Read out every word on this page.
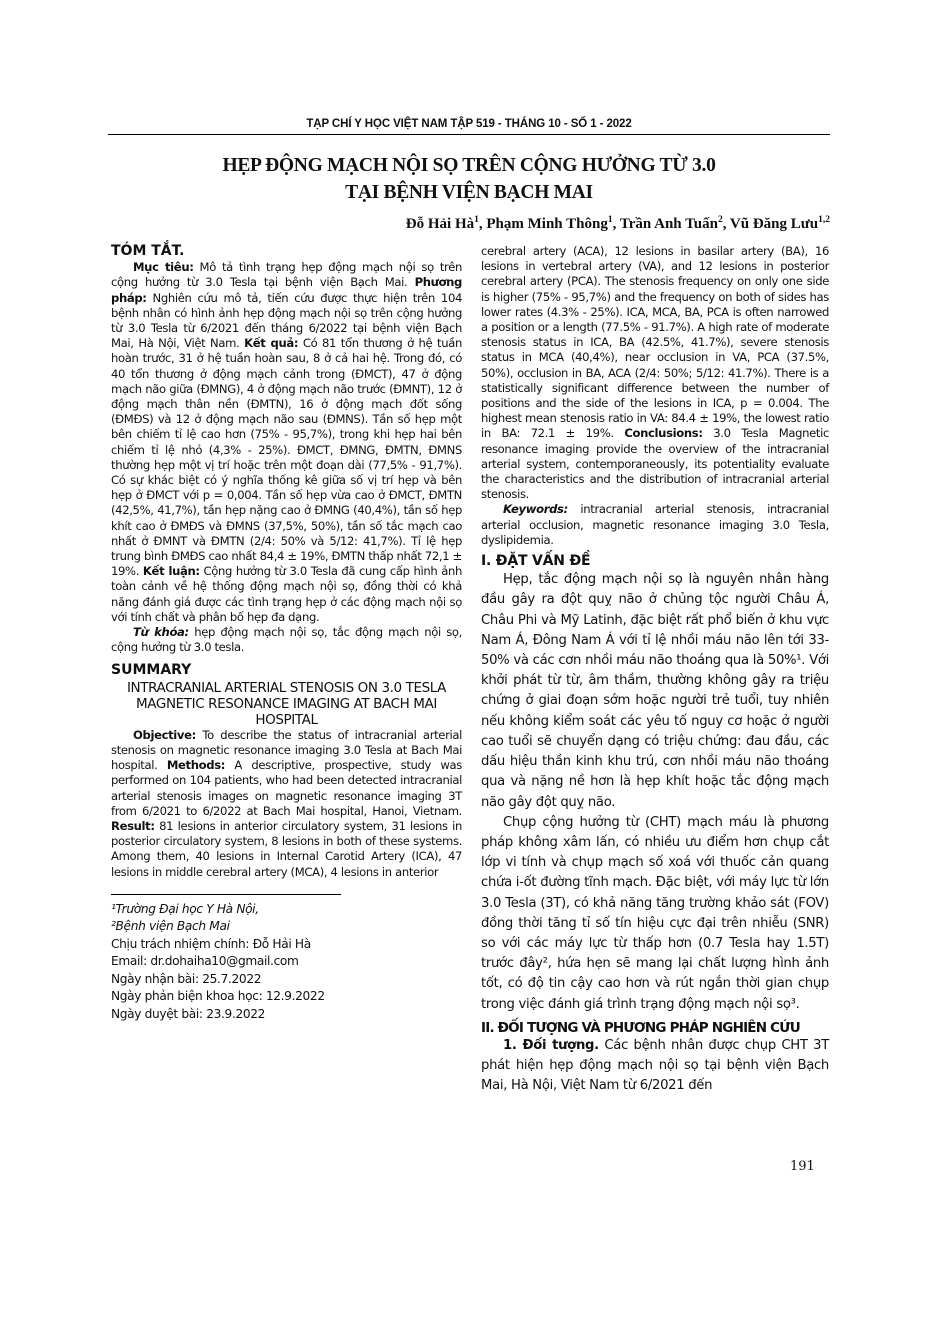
TẠP CHÍ Y HỌC VIỆT NAM TẬP 519 - THÁNG 10 - SỐ 1 - 2022
HẸP ĐỘNG MẠCH NỘI SỌ TRÊN CỘNG HƯỞNG TỪ 3.0
TẠI BỆNH VIỆN BẠCH MAI
Đỗ Hải $Hà^1$, Phạm Minh Thông$^1$, Trần Anh Tuấn$^2$, Vũ Đăng Lưu$^{1,2}$
TÓM TẮT.

Mục tiêu: Mô tả tình trạng hẹp động mạch nội sọ trên cộng hưởng từ 3.0 Tesla tại bệnh viện Bạch Mai. Phương pháp: Nghiên cứu mô tả, tiến cứu được thực hiện trên 104 bệnh nhân có hình ảnh hẹp động mạch nội sọ trên cộng hưởng từ 3.0 Tesla từ 6/2021 đến tháng 6/2022 tại bệnh viện Bạch Mai, Hà Nội, Việt Nam. Kết quả: Có 81 tổn thương ở hệ tuần hoàn trước, 31 ở hệ tuần hoàn sau, 8 ở cả hai hệ. Trong đó, có 40 tổn thương ở động mạch cảnh trong (ĐMCT), 47 ở động mạch não giữa (ĐMNG), 4 ở động mạch não trước (ĐMNT), 12 ở động mạch thân nền (ĐMTN), 16 ở động mạch đốt sống (ĐMĐS) và 12 ở động mạch não sau (ĐMNS). Tần số hẹp một bên chiếm tỉ lệ cao hơn (75% - 95,7%), trong khi hẹp hai bên chiếm tỉ lệ nhỏ (4,3% - 25%). ĐMCT, ĐMNG, ĐMTN, ĐMNS thường hẹp một vị trí hoặc trên một đoạn dài (77,5% - 91,7%). Có sự khác biệt có ý nghĩa thống kê giữa số vị trí hẹp và bên hẹp ở ĐMCT với p = 0,004. Tần số hẹp vừa cao ở ĐMCT, ĐMTN (42,5%, 41,7%), tần hẹp nặng cao ở ĐMNG (40,4%), tần số hẹp khít cao ở ĐMĐS và ĐMNS (37,5%, 50%), tần số tắc mạch cao nhất ở ĐMNT và ĐMTN (2/4: 50% và 5/12: 41,7%). Tỉ lệ hẹp trung bình ĐMĐS cao nhất 84,4 ± 19%, ĐMTN thấp nhất 72,1 ± 19%. Kết luận: Cộng hưởng từ 3.0 Tesla đã cung cấp hình ảnh toàn cảnh về hệ thống động mạch nội sọ, đồng thời có khả năng đánh giá được các tình trạng hẹp ở các động mạch nội sọ với tính chất và phân bố hẹp đa dạng.

Từ khóa: hẹp động mạch nội sọ, tắc động mạch nội sọ, cộng hưởng từ 3.0 tesla.

SUMMARY
INTRACRANIAL ARTERIAL STENOSIS ON 3.0 TESLA MAGNETIC RESONANCE IMAGING AT BACH MAI HOSPITAL

Objective: To describe the status of intracranial arterial stenosis on magnetic resonance imaging 3.0 Tesla at Bach Mai hospital. Methods: A descriptive, prospective, study was performed on 104 patients, who had been detected intracranial arterial stenosis images on magnetic resonance imaging 3T from 6/2021 to 6/2022 at Bach Mai hospital, Hanoi, Vietnam. Result: 81 lesions in anterior circulatory system, 31 lesions in posterior circulatory system, 8 lesions in both of these systems. Among them, 40 lesions in Internal Carotid Artery (ICA), 47 lesions in middle cerebral artery (MCA), 4 lesions in anterior

¹Trường Đại học Y Hà Nội,
²Bệnh viện Bạch Mai
Chịu trách nhiệm chính: Đỗ Hải Hà
Email: dr.dohaiha10@gmail.com
Ngày nhận bài: 25.7.2022
Ngày phản biện khoa học: 12.9.2022
Ngày duyệt bài: 23.9.2022

cerebral artery (ACA), 12 lesions in basilar artery (BA), 16 lesions in vertebral artery (VA), and 12 lesions in posterior cerebral artery (PCA). The stenosis frequency on only one side is higher (75% - 95,7%) and the frequency on both of sides has lower rates (4.3% - 25%). ICA, MCA, BA, PCA is often narrowed a position or a length (77.5% - 91.7%). A high rate of moderate stenosis status in ICA, BA (42.5%, 41.7%), severe stenosis status in MCA (40,4%), near occlusion in VA, PCA (37.5%, 50%), occlusion in BA, ACA (2/4: 50%; 5/12: 41.7%). There is a statistically significant difference between the number of positions and the side of the lesions in ICA, p = 0.004. The highest mean stenosis ratio in VA: 84.4 ± 19%, the lowest ratio in BA: 72.1 ± 19%. Conclusions: 3.0 Tesla Magnetic resonance imaging provide the overview of the intracranial arterial system, contemporaneously, its potentiality evaluate the characteristics and the distribution of intracranial arterial stenosis.

Keywords: intracranial arterial stenosis, intracranial arterial occlusion, magnetic resonance imaging 3.0 Tesla, dyslipidemia.

I. ĐẶT VẤN ĐỀ

Hẹp, tắc động mạch nội sọ là nguyên nhân hàng đầu gây ra đột quỵ não ở chủng tộc người Châu Á, Châu Phi và Mỹ Latinh, đặc biệt rất phổ biến ở khu vực Nam Á, Đông Nam Á với tỉ lệ nhồi máu não lên tới 33-50% và các cơn nhồi máu não thoáng qua là 50%¹. Với khởi phát từ từ, âm thầm, thường không gây ra triệu chứng ở giai đoạn sớm hoặc người trẻ tuổi, tuy nhiên nếu không kiểm soát các yêu tố nguy cơ hoặc ở người cao tuổi sẽ chuyển dạng có triệu chứng: đau đầu, các dấu hiệu thần kinh khu trú, cơn nhồi máu não thoáng qua và nặng nề hơn là hẹp khít hoặc tắc động mạch não gây đột quỵ não.

Chụp cộng hưởng từ (CHT) mạch máu là phương pháp không xâm lấn, có nhiều ưu điểm hơn chụp cắt lớp vi tính và chụp mạch số xoá với thuốc cản quang chứa i-ốt đường tĩnh mạch. Đặc biệt, với máy lực từ lớn 3.0 Tesla (3T), có khả năng tăng trường khảo sát (FOV) đồng thời tăng tỉ số tín hiệu cực đại trên nhiễu (SNR) so với các máy lực từ thấp hơn (0.7 Tesla hay 1.5T) trước đây², hứa hẹn sẽ mang lại chất lượng hình ảnh tốt, có độ tin cậy cao hơn và rút ngắn thời gian chụp trong việc đánh giá trình trạng động mạch nội sọ³.

II. ĐỐI TƯỢNG VÀ PHƯƠNG PHÁP NGHIÊN CỨU

1. Đối tượng. Các bệnh nhân được chụp CHT 3T phát hiện hẹp động mạch nội sọ tại bệnh viện Bạch Mai, Hà Nội, Việt Nam từ 6/2021 đến

191
